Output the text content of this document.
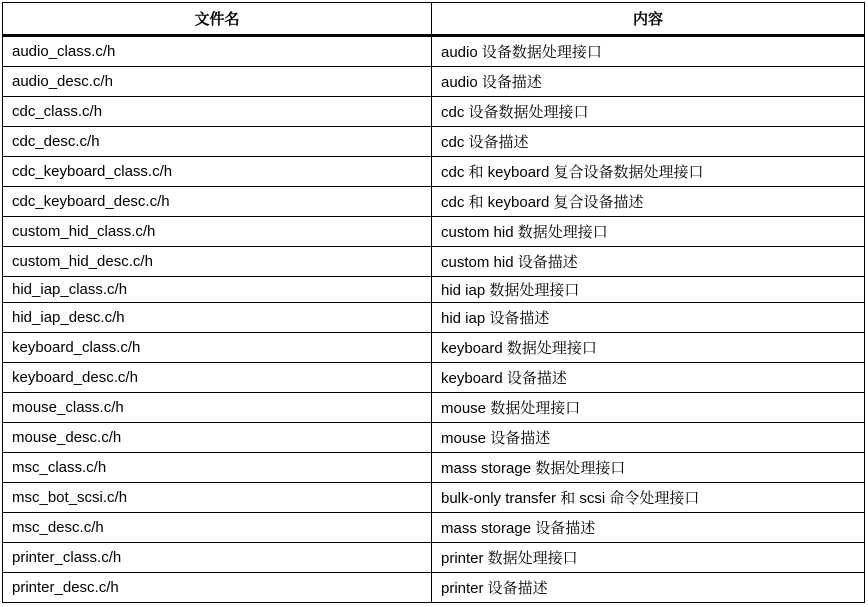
文件名	内容
audio_class.c/h	audio 设备数据处理接口
audio_desc.c/h	audio 设备描述
cdc_class.c/h	cdc 设备数据处理接口
cdc_desc.c/h	cdc 设备描述
cdc_keyboard_class.c/h	cdc 和 keyboard 复合设备数据处理接口
cdc_keyboard_desc.c/h	cdc 和 keyboard 复合设备描述
custom_hid_class.c/h	custom hid 数据处理接口
custom_hid_desc.c/h	custom hid 设备描述
hid_iap_class.c/h	hid iap 数据处理接口
hid_iap_desc.c/h	hid iap 设备描述
keyboard_class.c/h	keyboard 数据处理接口
keyboard_desc.c/h	keyboard 设备描述
mouse_class.c/h	mouse 数据处理接口
mouse_desc.c/h	mouse 设备描述
msc_class.c/h	mass storage 数据处理接口
msc_bot_scsi.c/h	bulk-only transfer 和 scsi 命令处理接口
msc_desc.c/h	mass storage 设备描述
printer_class.c/h	printer 数据处理接口
printer_desc.c/h	printer 设备描述
